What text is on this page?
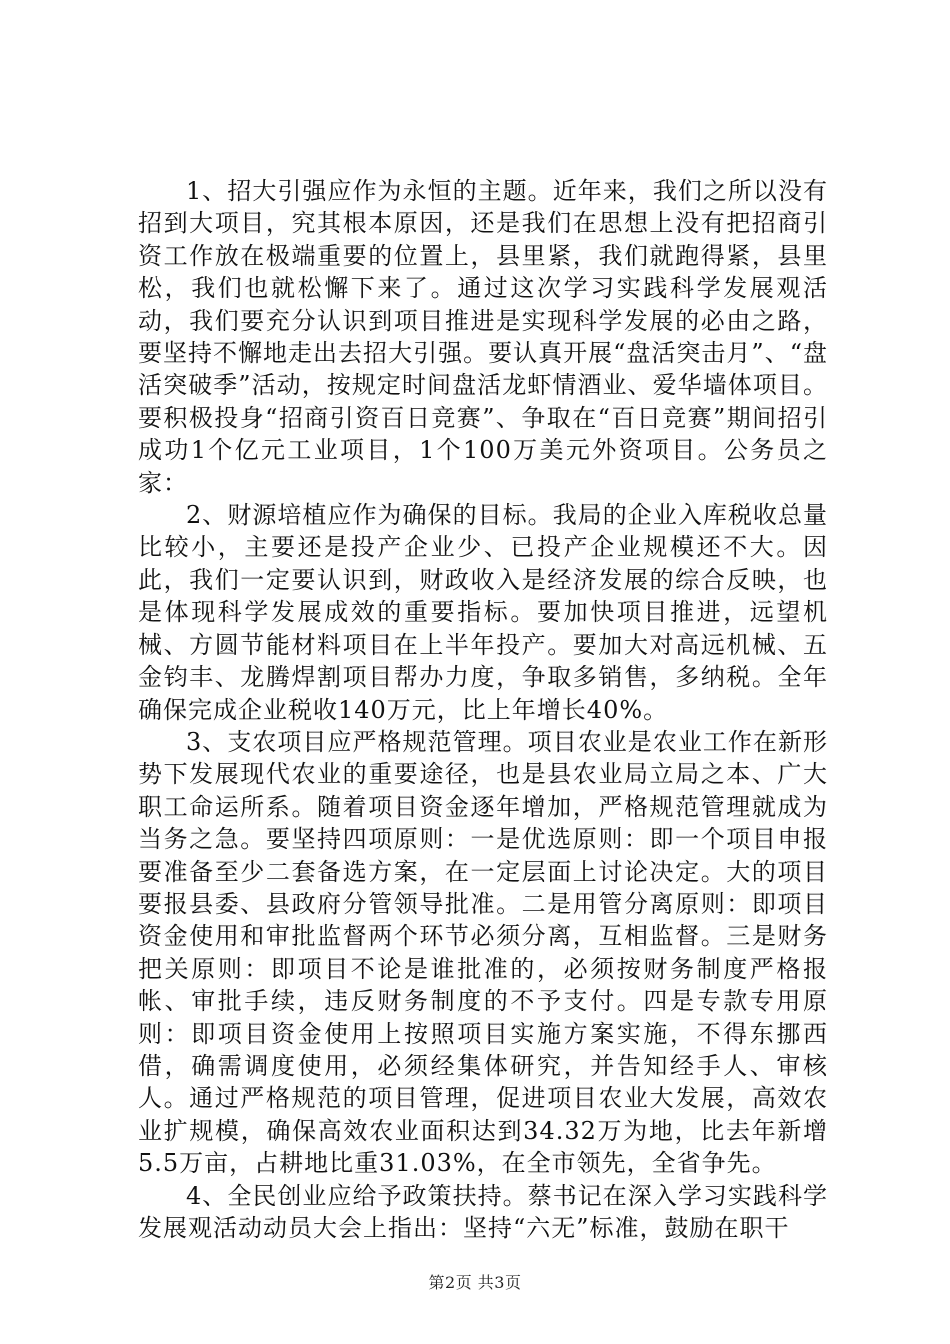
1、招大引强应作为永恒的主题。近年来，我们之所以没有招到大项目，究其根本原因，还是我们在思想上没有把招商引资工作放在极端重要的位置上，县里紧，我们就跑得紧，县里松，我们也就松懈下来了。通过这次学习实践科学发展观活动，我们要充分认识到项目推进是实现科学发展的必由之路，要坚持不懈地走出去招大引强。要认真开展“盘活突击月”、“盘活突破季”活动，按规定时间盘活龙虾情酒业、爱华墙体项目。要积极投身“招商引资百日竞赛”、争取在“百日竞赛”期间招引成功1个亿元工业项目，1个100万美元外资项目。公务员之家：

2、财源培植应作为确保的目标。我局的企业入库税收总量比较小，主要还是投产企业少、已投产企业规模还不大。因此，我们一定要认识到，财政收入是经济发展的综合反映，也是体现科学发展成效的重要指标。要加快项目推进，远望机械、方圆节能材料项目在上半年投产。要加大对高远机械、五金钧丰、龙腾焊割项目帮办力度，争取多销售，多纳税。全年确保完成企业税收140万元，比上年增长40%。

3、支农项目应严格规范管理。项目农业是农业工作在新形势下发展现代农业的重要途径，也是县农业局立局之本、广大职工命运所系。随着项目资金逐年增加，严格规范管理就成为当务之急。要坚持四项原则：一是优选原则：即一个项目申报要准备至少二套备选方案，在一定层面上讨论决定。大的项目要报县委、县政府分管领导批准。二是用管分离原则：即项目资金使用和审批监督两个环节必须分离，互相监督。三是财务把关原则：即项目不论是谁批准的，必须按财务制度严格报帐、审批手续，违反财务制度的不予支付。四是专款专用原则：即项目资金使用上按照项目实施方案实施，不得东挪西借，确需调度使用，必须经集体研究，并告知经手人、审核人。通过严格规范的项目管理，促进项目农业大发展，高效农业扩规模，确保高效农业面积达到34.32万为地，比去年新增5.5万亩，占耕地比重31.03%，在全市领先，全省争先。

4、全民创业应给予政策扶持。蔡书记在深入学习实践科学发展观活动动员大会上指出：坚持“六无”标准，鼓励在职干

第2页 共3页
